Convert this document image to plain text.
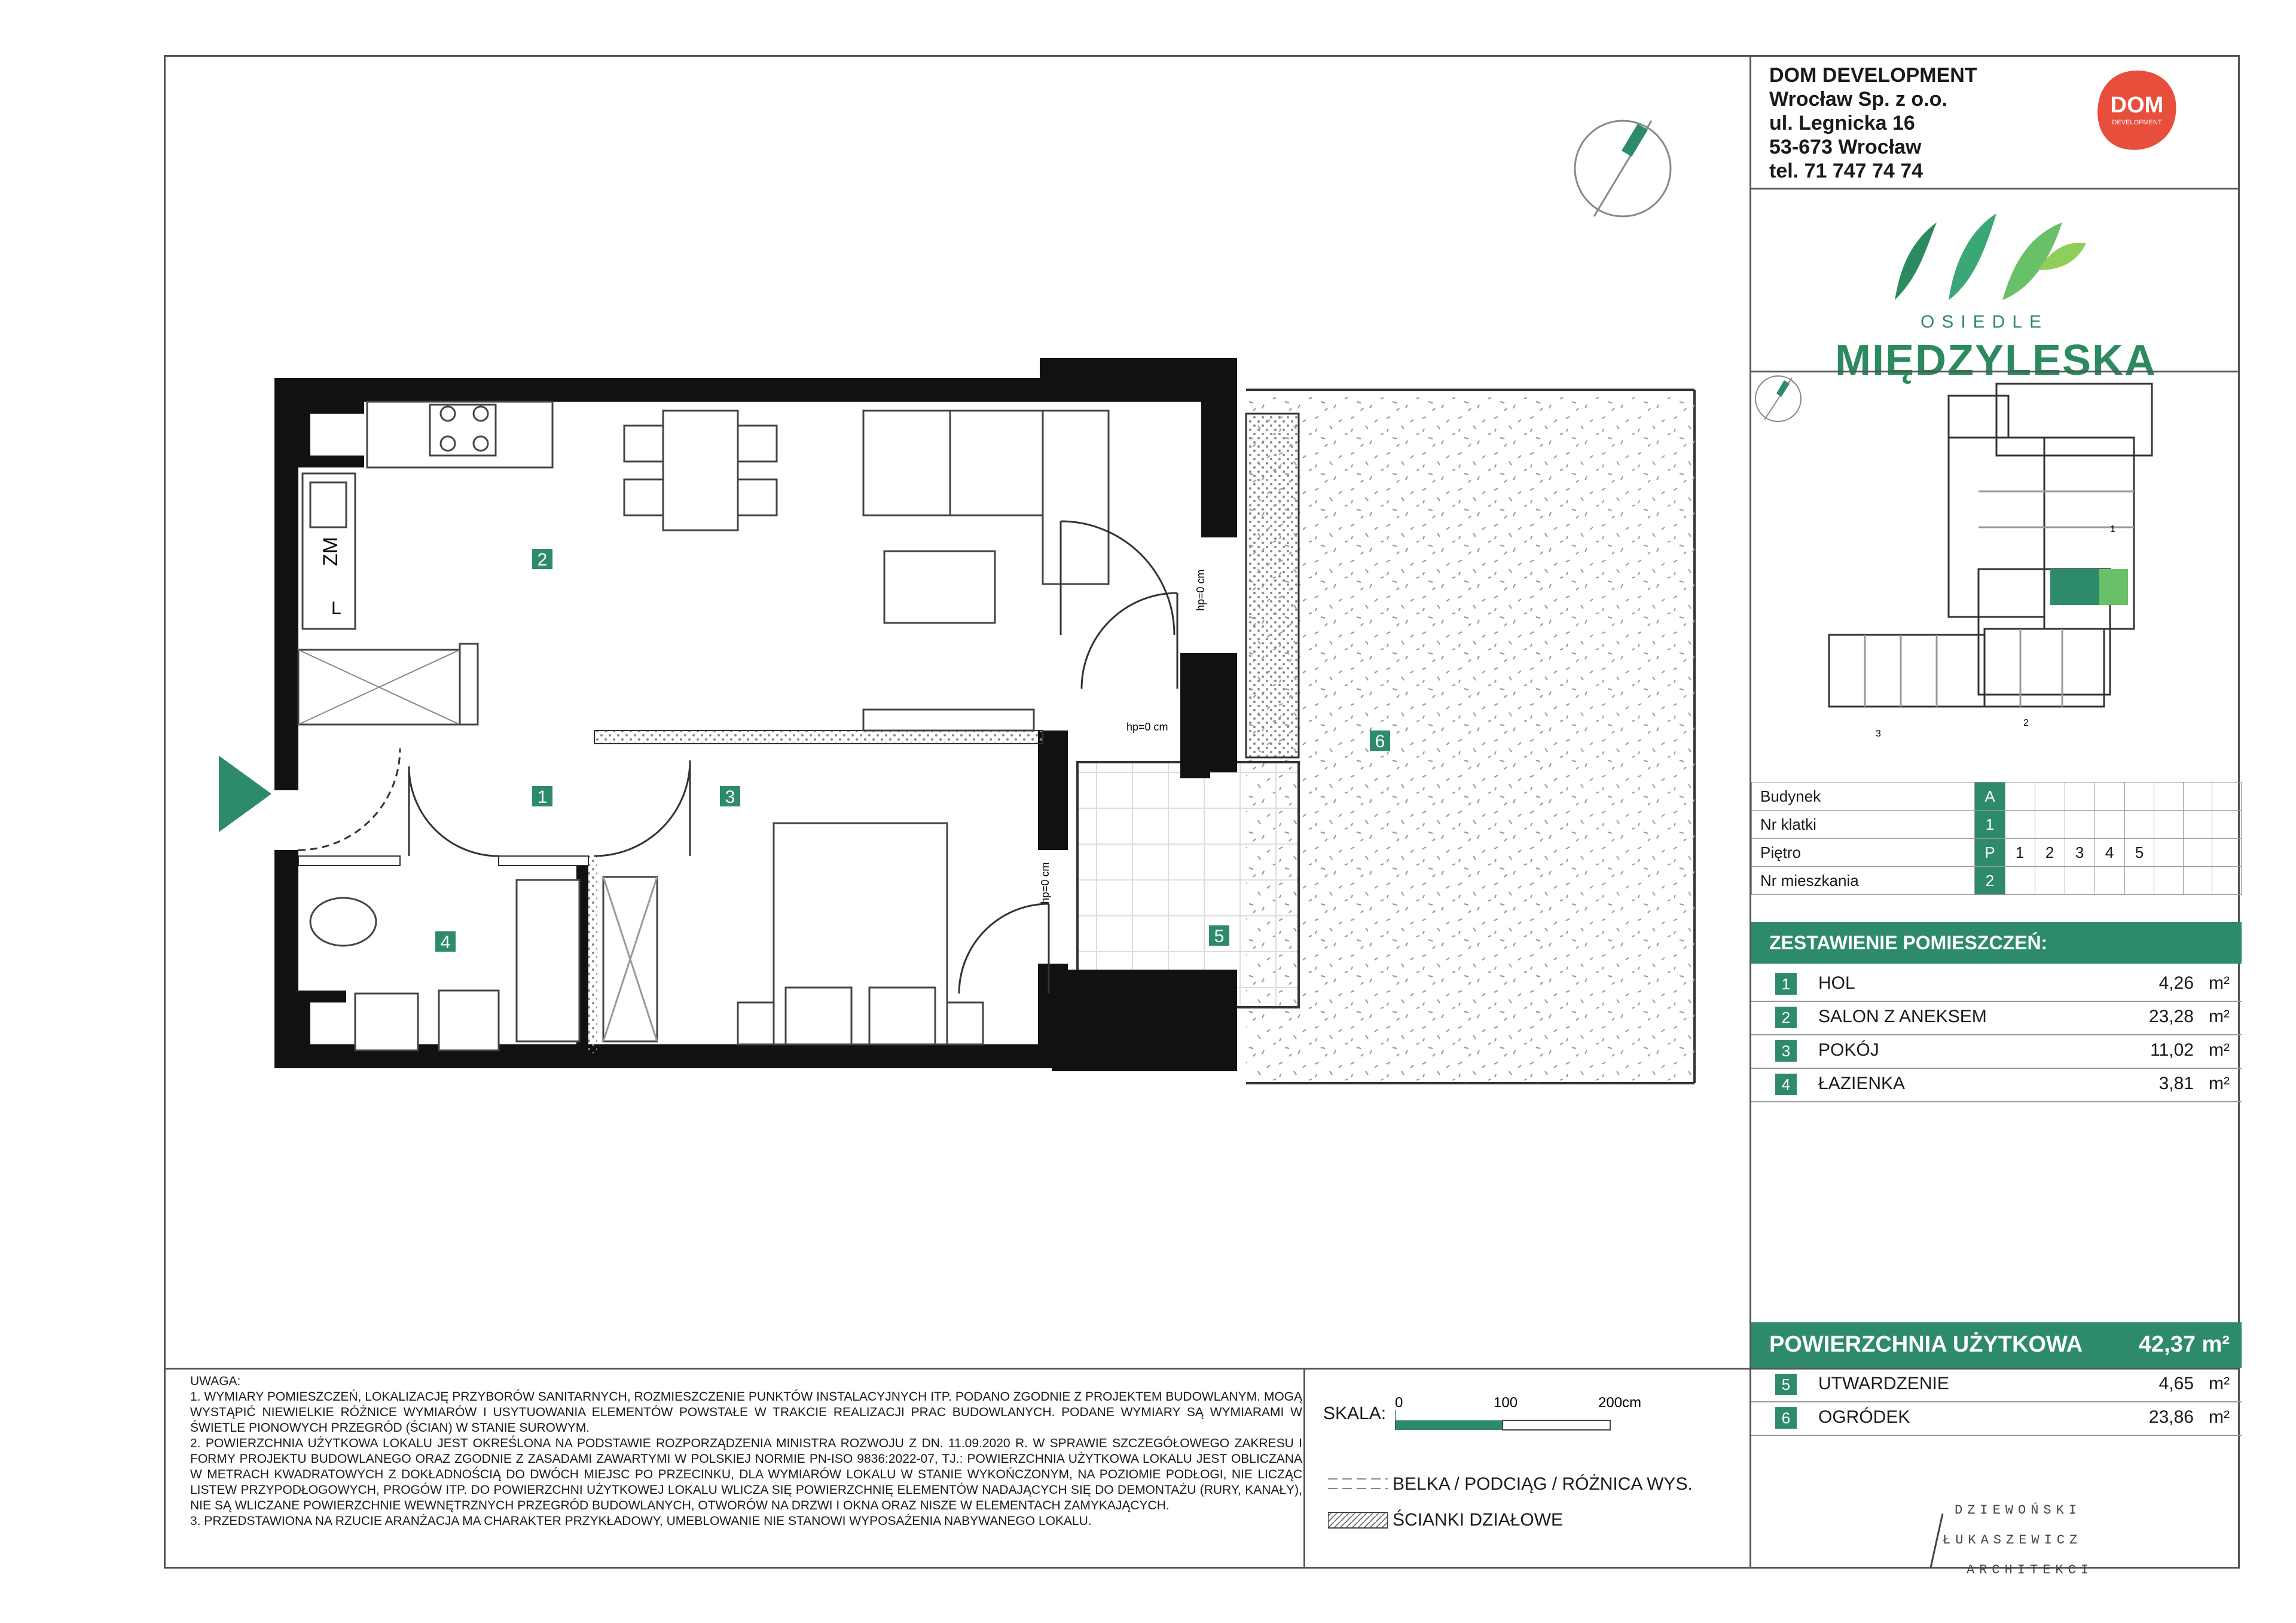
ZM
L	hp=0 cm
hp=0 cm
hp=0 cm
1
2
3
4	5
6
DOM DEVELOPMENT
Wrocław Sp. z o.o.
ul. Legnicka 16
53-673 Wrocław
tel. 71 747 74 74
DOM
DEVELOPMENT
OSIEDLE
MIĘDZYLESKA
1
2
3
Budynek	A								
Nr klatki	1								
Piętro	P	1	2	3	4	5			
Nr mieszkania	2								
ZESTAWIENIE POMIESZCZEŃ:
1	HOL	4,26 m²
2	SALON Z ANEKSEM	23,28 m²
3	POKÓJ	11,02 m²
4	ŁAZIENKA	3,81 m²
POWIERZCHNIA UŻYTKOWA 42,37 m²
5	UTWARDZENIE	4,65 m²
6	OGRÓDEK	23,86 m²
DZIEWOŃSKI
ŁUKASZEWICZ
ARCHITEKCI

UWAGA:

1. WYMIARY POMIESZCZEŃ, LOKALIZACJĘ PRZYBORÓW SANITARNYCH, ROZMIESZCZENIE PUNKTÓW INSTALACYJNYCH ITP. PODANO ZGODNIE Z PROJEKTEM BUDOWLANYM. MOGĄ WYSTĄPIĆ NIEWIELKIE RÓŻNICE WYMIARÓW I USYTUOWANIA ELEMENTÓW POWSTAŁE W TRAKCIE REALIZACJI PRAC BUDOWLANYCH. PODANE WYMIARY SĄ WYMIARAMI W ŚWIETLE PIONOWYCH PRZEGRÓD (ŚCIAN) W STANIE SUROWYM.

2. POWIERZCHNIA UŻYTKOWA LOKALU JEST OKREŚLONA NA PODSTAWIE ROZPORZĄDZENIA MINISTRA ROZWOJU Z DN. 11.09.2020 R. W SPRAWIE SZCZEGÓŁOWEGO ZAKRESU I FORMY PROJEKTU BUDOWLANEGO ORAZ ZGODNIE Z ZASADAMI ZAWARTYMI W POLSKIEJ NORMIE PN-ISO 9836:2022-07, TJ.: POWIERZCHNIA UŻYTKOWA LOKALU JEST OBLICZANA W METRACH KWADRATOWYCH Z DOKŁADNOŚCIĄ DO DWÓCH MIEJSC PO PRZECINKU, DLA WYMIARÓW LOKALU W STANIE WYKOŃCZONYM, NA POZIOMIE PODŁOGI, NIE LICZĄC LISTEW PRZYPODŁOGOWYCH, PROGÓW ITP. DO POWIERZCHNI UŻYTKOWEJ LOKALU WLICZA SIĘ POWIERZCHNIĘ ELEMENTÓW NADAJĄCYCH SIĘ DO DEMONTAŻU (RURY, KANAŁY), NIE SĄ WLICZANE POWIERZCHNIE WEWNĘTRZNYCH PRZEGRÓD BUDOWLANYCH, OTWORÓW NA DRZWI I OKNA ORAZ NISZE W ELEMENTACH ZAMYKAJĄCYCH.

3. PRZEDSTAWIONA NA RZUCIE ARANŻACJA MA CHARAKTER PRZYKŁADOWY, UMEBLOWANIE NIE STANOWI WYPOSAŻENIA NABYWANEGO LOKALU.

SKALA:
0	100	200cm
BELKA / PODCIĄG / RÓŻNICA WYS.
ŚCIANKI DZIAŁOWE
